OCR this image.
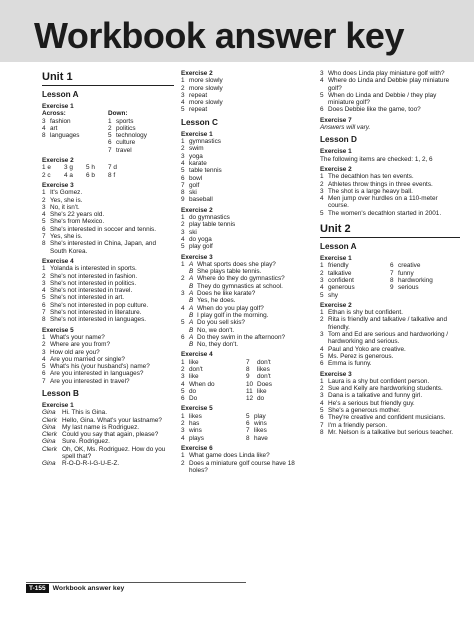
Workbook answer key
Unit 1
Lesson A
Exercise 1
Across:
3 fashion
4 art
8 languages
Down:
1 sports
2 politics
5 technology
6 culture
7 travel
Exercise 2
1 e	3 g	5 h	7 d
2 c	4 a	6 b	8 f
Exercise 3
1 It's Gomez.
2 Yes, she is.
3 No, it isn't.
4 She's 22 years old.
5 She's from Mexico.
6 She's interested in soccer and tennis.
7 Yes, she is.
8 She's interested in China, Japan, and South Korea.
Exercise 4
1 Yolanda is interested in sports.
2 She's not interested in fashion.
3 She's not interested in politics.
4 She's not interested in travel.
5 She's not interested in art.
6 She's not interested in pop culture.
7 She's not interested in literature.
8 She's not interested in languages.
Exercise 5
1 What's your name?
2 Where are you from?
3 How old are you?
4 Are you married or single?
5 What's his (your husband's) name?
6 Are you interested in languages?
7 Are you interested in travel?
Lesson B
Exercise 1
Gina	Hi. This is Gina.
Clerk Hello, Gina. What's your lastname?
Gina	My last name is Rodriguez.
Clerk Could you say that again, please?
Gina	Sure. Rodriguez.
Clerk Oh, OK, Ms. Rodriguez. How do you spell that?
Gina	R-O-D-R-I-G-U-E-Z.
Exercise 2
1 more slowly
2 more slowly
3 repeat
4 more slowly
5 repeat
Lesson C
Exercise 1
1 gymnastics
2 swim
3 yoga
4 karate
5 table tennis
6 bowl
7 golf
8 ski
9 baseball
Exercise 2
1 do gymnastics
2 play table tennis
3 ski
4 do yoga
5 play golf
Exercise 3
1 A What sports does she play?
B She plays table tennis.
2 A Where do they do gymnastics?
B They do gymnastics at school.
3 A Does he like karate?
B Yes, he does.
4 A When do you play golf?
B I play golf in the morning.
5 A Do you sell skis?
B No, we don't.
6 A Do they swim in the afternoon?
B No, they don't.
Exercise 4
1 like
2 don't
3 like
4 When do
5 do
6 Do
7	don't
8	likes
9	don't
10 Does
11 like
12 do
Exercise 5
1 likes
2 has
3 wins
4 plays
5 play
6 wins
7 likes
8 have
Exercise 6
1 What game does Linda like?
2 Does a miniature golf course have 18 holes?
3 Who does Linda play miniature golf with?
4 Where do Linda and Debbie play miniature golf?
5 When do Linda and Debbie / they play miniature golf?
6 Does Debbie like the game, too?
Exercise 7
Answers will vary.
Lesson D
Exercise 1
The following items are checked: 1, 2, 6
Exercise 2
1 The decathlon has ten events.
2 Athletes throw things in three events.
3 The shot is a large heavy ball.
4 Men jump over hurdles on a 110-meter course.
5 The women's decathlon started in 2001.
Unit 2
Lesson A
Exercise 1
1 friendly
2 talkative
3 confident
4 generous
5 shy
6 creative
7 funny
8 hardworking
9 serious
Exercise 2
1 Ethan is shy but confident.
2 Rita is friendly and talkative / talkative and friendly.
3 Tom and Ed are serious and hardworking / hardworking and serious.
4 Paul and Yoko are creative.
5 Ms. Perez is generous.
6 Emma is funny.
Exercise 3
1 Laura is a shy but confident person.
2 Sue and Kelly are hardworking students.
3 Dana is a talkative and funny girl.
4 He's a serious but friendly guy.
5 She's a generous mother.
6 They're creative and confident musicians.
7 I'm a friendly person.
8 Mr. Nelson is a talkative but serious teacher.
T-155	Workbook answer key
